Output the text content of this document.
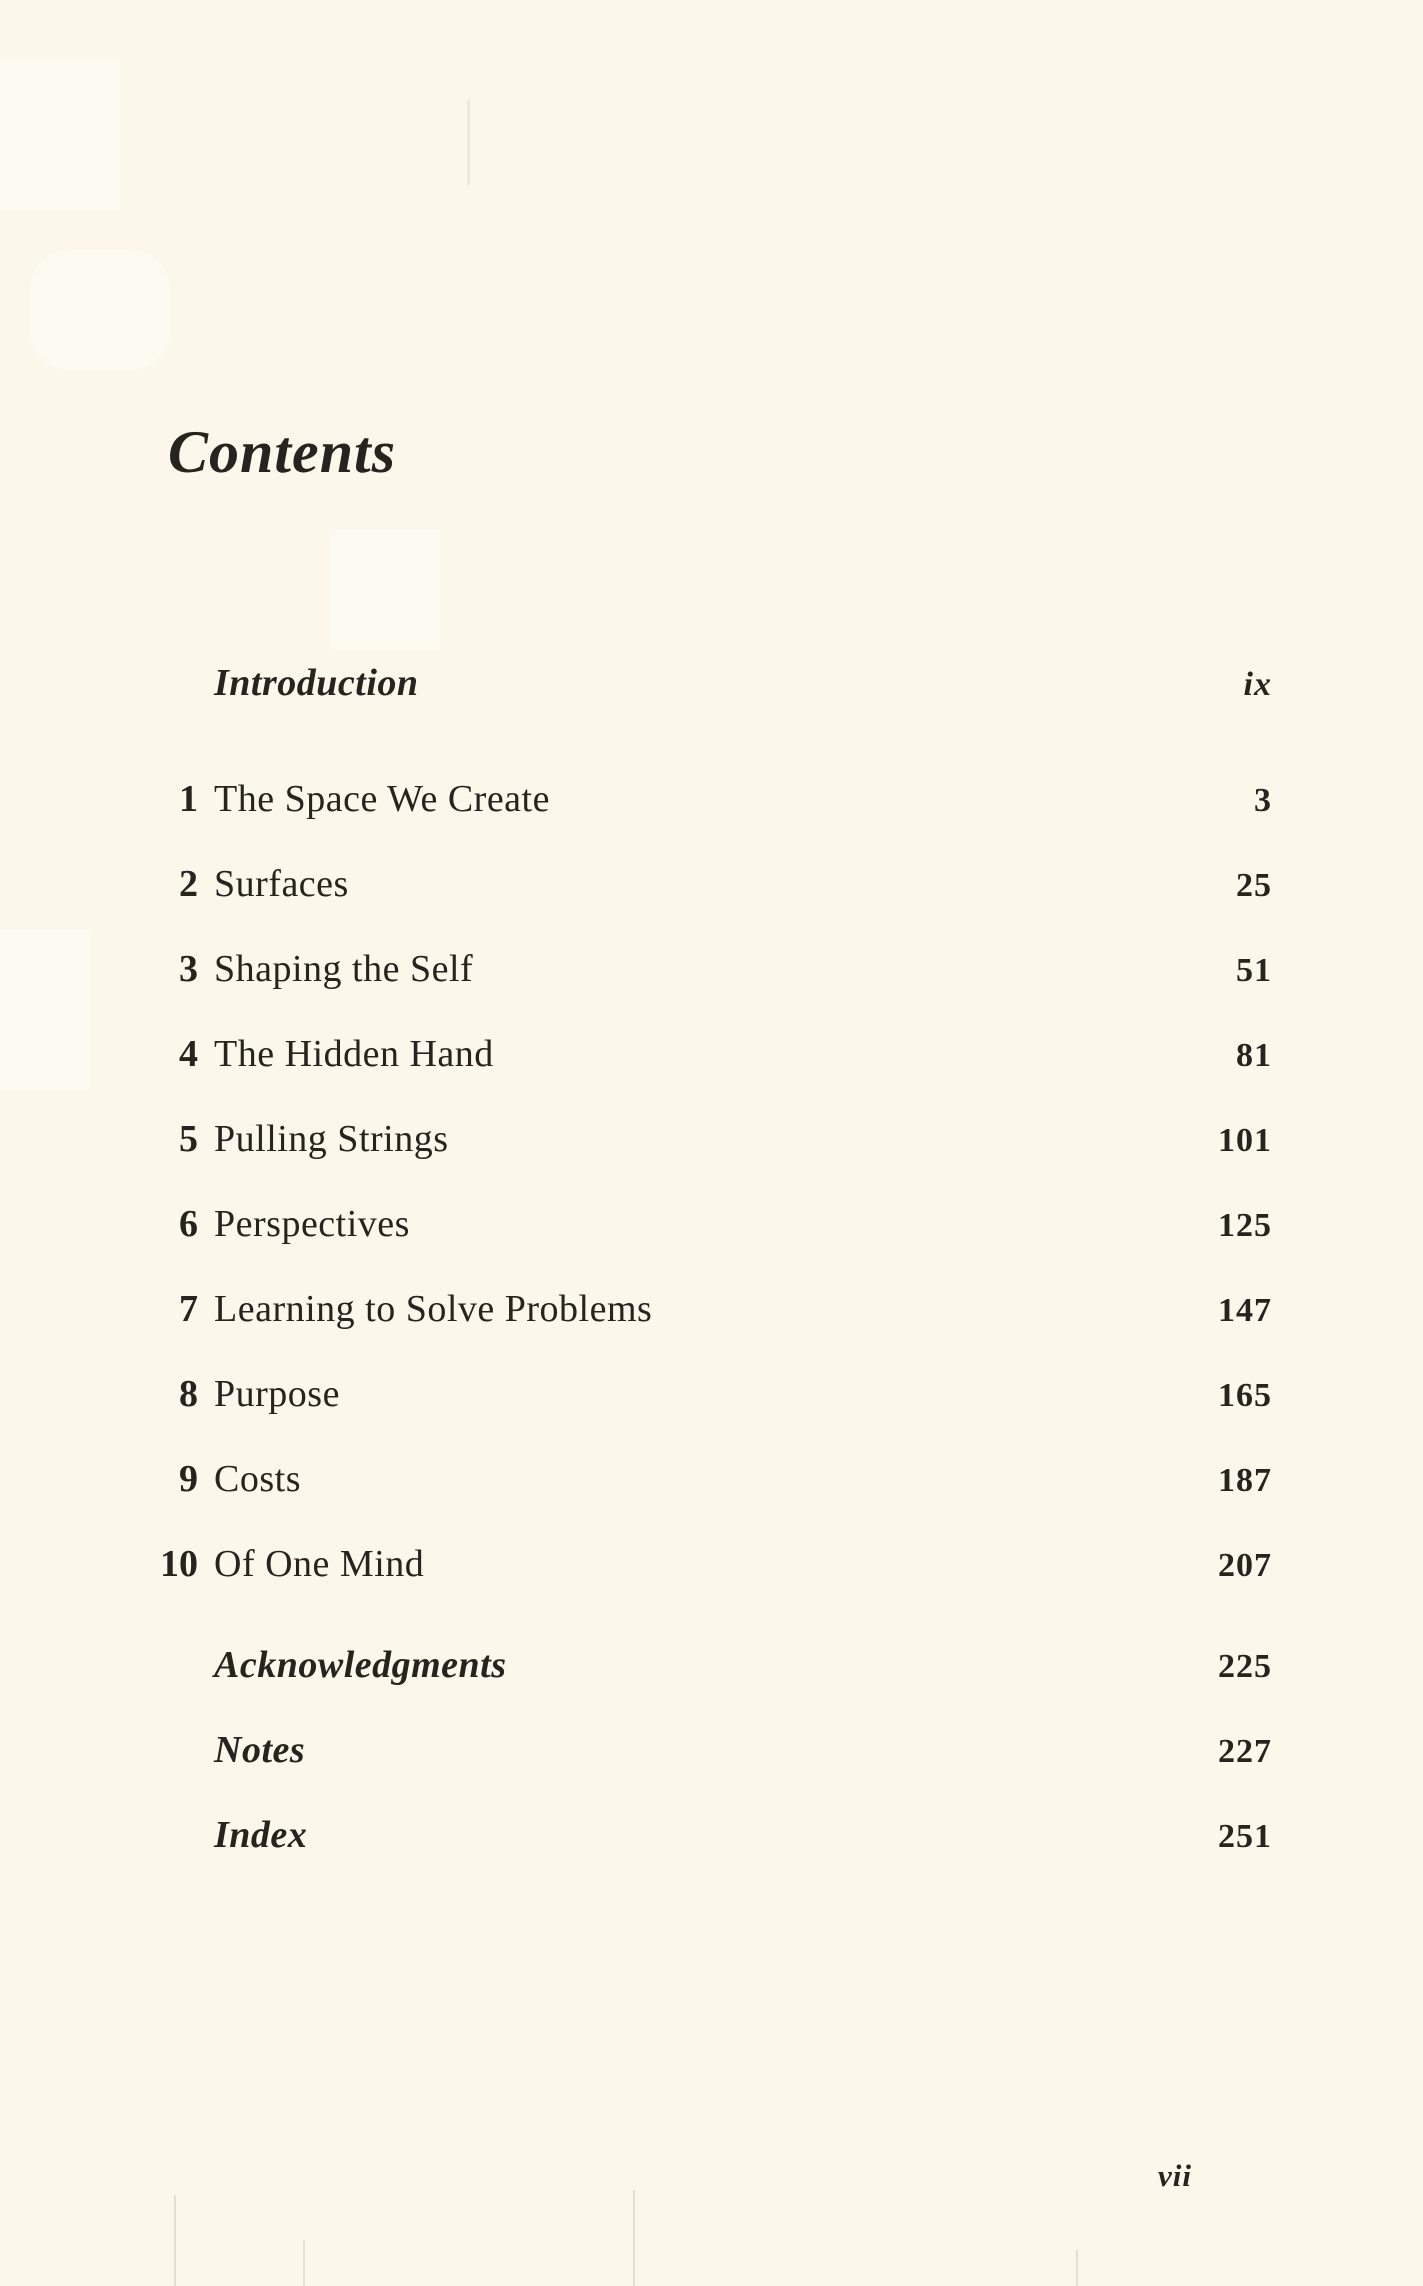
Contents
Introduction	ix
1 The Space We Create	3
2 Surfaces	25
3 Shaping the Self	51
4 The Hidden Hand	81
5 Pulling Strings	101
6 Perspectives	125
7 Learning to Solve Problems	147
8 Purpose	165
9 Costs	187
10 Of One Mind	207
Acknowledgments	225
Notes	227
Index	251
vii
